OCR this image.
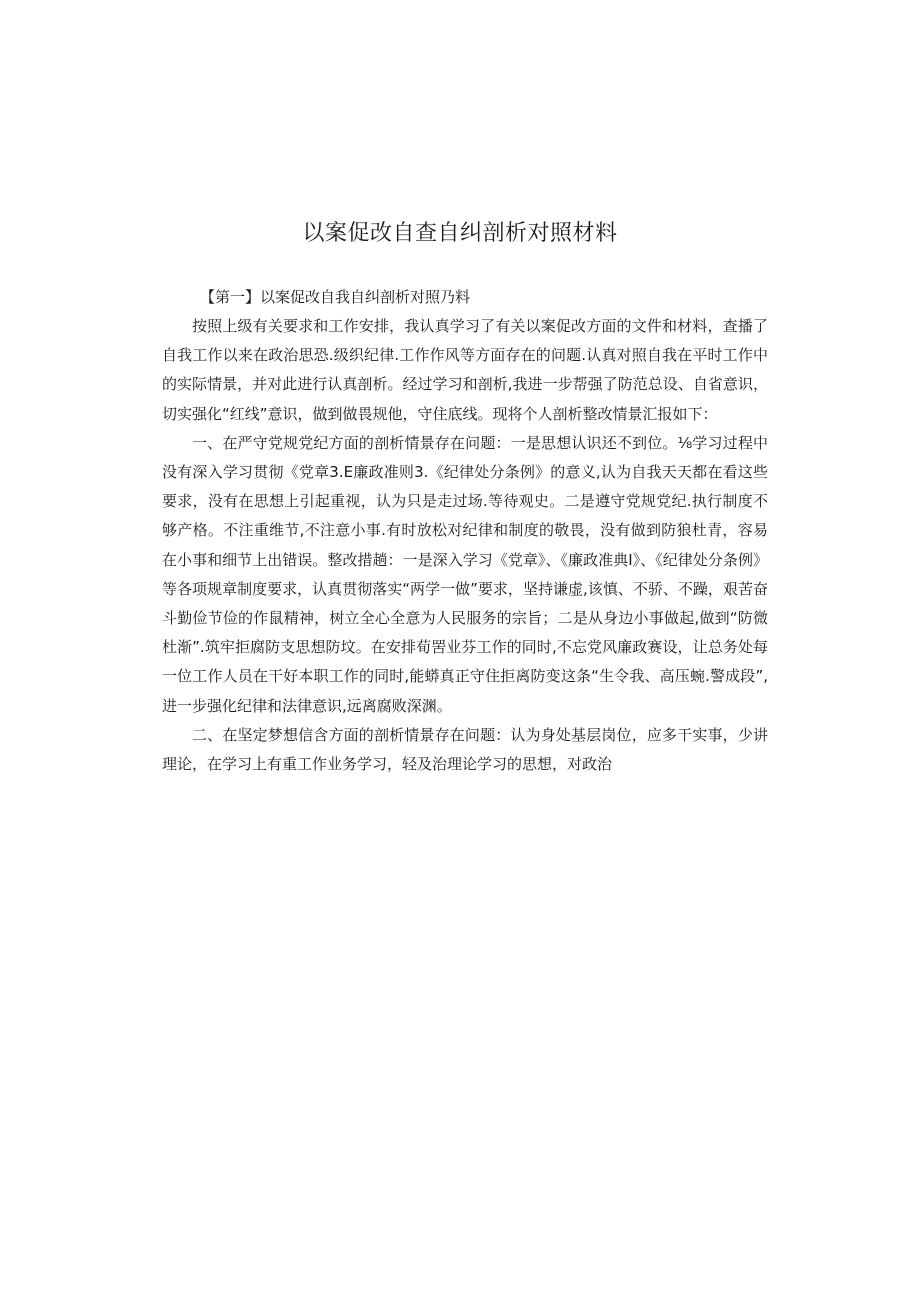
以案促改自查自纠剖析对照材料

【第一】以案促改自我自纠剖析对照乃料

按照上级有关要求和工作安排，我认真学习了有关以案促改方面的文件和材料，查播了自我工作以来在政治思恐.级织纪律.工作作风等方面存在的问题.认真对照自我在平时工作中的实际情景，并对此进行认真剖析。经过学习和剖析,我进一步帮强了防范总设、自省意识，切实强化“红线”意识，做到做畏规他，守住底线。现将个人剖析整改情景汇报如下：

一、在严守党规党纪方面的剖析情景存在问题：一是思想认识还不到位。⅛学习过程中没有深入学习贯彻《党章3.E廉政准则3.《纪律处分条例》的意义,认为自我天天都在看这些要求，没有在思想上引起重视，认为只是走过场.等待观史。二是遵守党规党纪.执行制度不够产格。不注重维节,不注意小事.有时放松对纪律和制度的敬畏，没有做到防狼杜青，容易在小事和细节上出错误。整改措趟：一是深入学习《党章》、《廉政准典I》、《纪律处分条例》等各项规章制度要求，认真贯彻落实“两学一做”要求，坚持谦虚,该慎、不骄、不躁，艰苦奋斗勤俭节俭的作鼠精神，树立全心全意为人民服务的宗旨；二是从身边小事做起,做到“防微杜渐”.筑牢拒腐防支思想防坟。在安排荀罟业芬工作的同时,不忘党风廉政赛设，让总务处每一位工作人员在干好本职工作的同时,能蟒真正守住拒离防变这条“生令我、高压蜿.警成段”,进一步强化纪律和法律意识,远离腐败深渊。

二、在坚定梦想信含方面的剖析情景存在问题：认为身处基层岗位，应多干实事，少讲理论，在学习上有重工作业务学习，轻及治理论学习的思想，对政治
